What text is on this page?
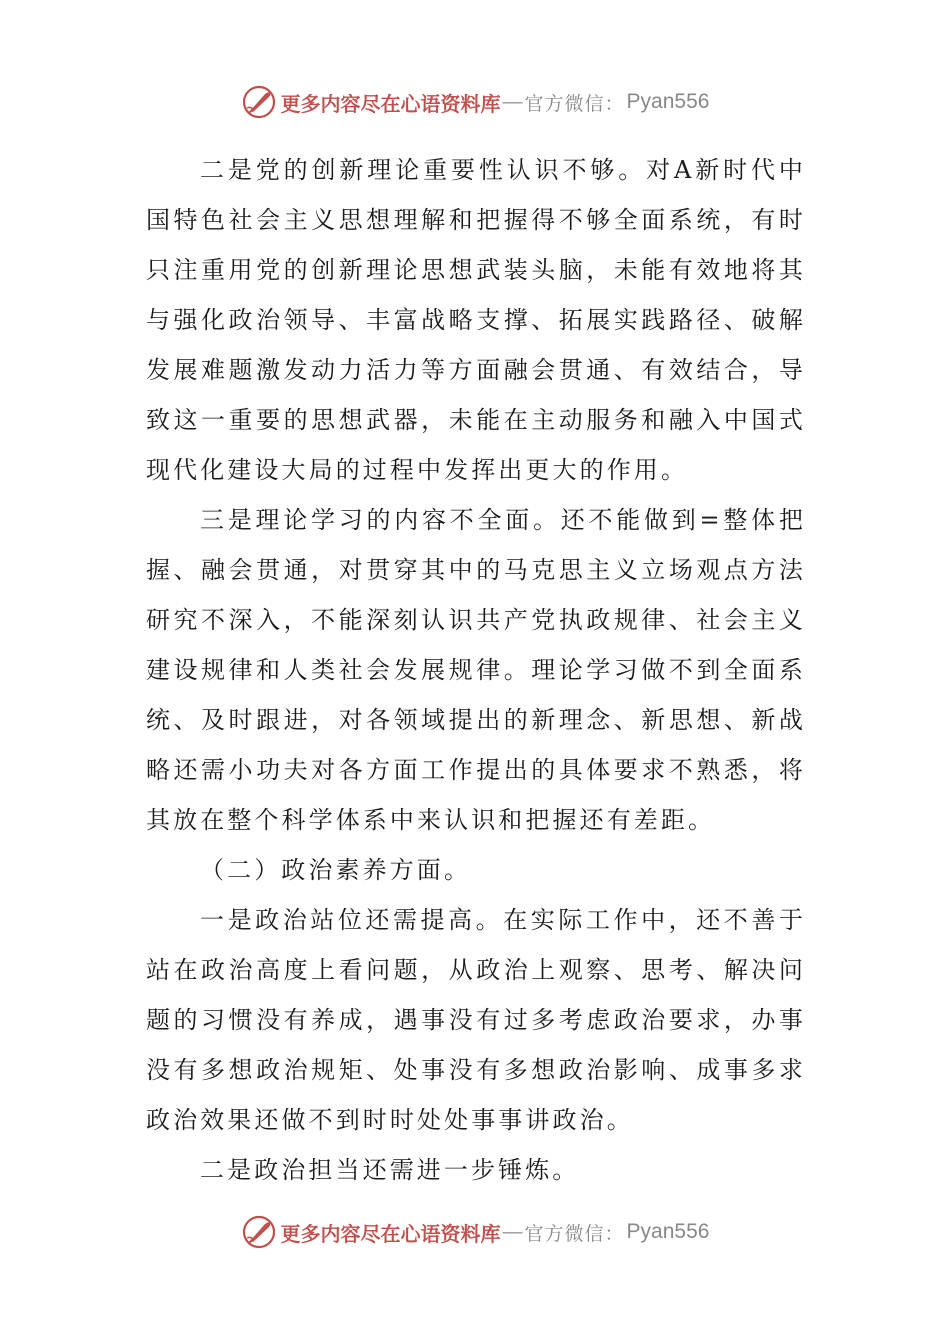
更多内容尽在心语资料库 — 官方微信： Pyan556

二是党的创新理论重要性认识不够。对A新时代中国特色社会主义思想理解和把握得不够全面系统，有时只注重用党的创新理论思想武装头脑，未能有效地将其与强化政治领导、丰富战略支撑、拓展实践路径、破解发展难题激发动力活力等方面融会贯通、有效结合，导致这一重要的思想武器，未能在主动服务和融入中国式现代化建设大局的过程中发挥出更大的作用。

三是理论学习的内容不全面。还不能做到=整体把握、融会贯通，对贯穿其中的马克思主义立场观点方法研究不深入，不能深刻认识共产党执政规律、社会主义建设规律和人类社会发展规律。理论学习做不到全面系统、及时跟进，对各领域提出的新理念、新思想、新战略还需小功夫对各方面工作提出的具体要求不熟悉，将其放在整个科学体系中来认识和把握还有差距。

（二）政治素养方面。

一是政治站位还需提高。在实际工作中，还不善于站在政治高度上看问题，从政治上观察、思考、解决问题的习惯没有养成，遇事没有过多考虑政治要求，办事没有多想政治规矩、处事没有多想政治影响、成事多求政治效果还做不到时时处处事事讲政治。

二是政治担当还需进一步锤炼。

更多内容尽在心语资料库 — 官方微信： Pyan556
